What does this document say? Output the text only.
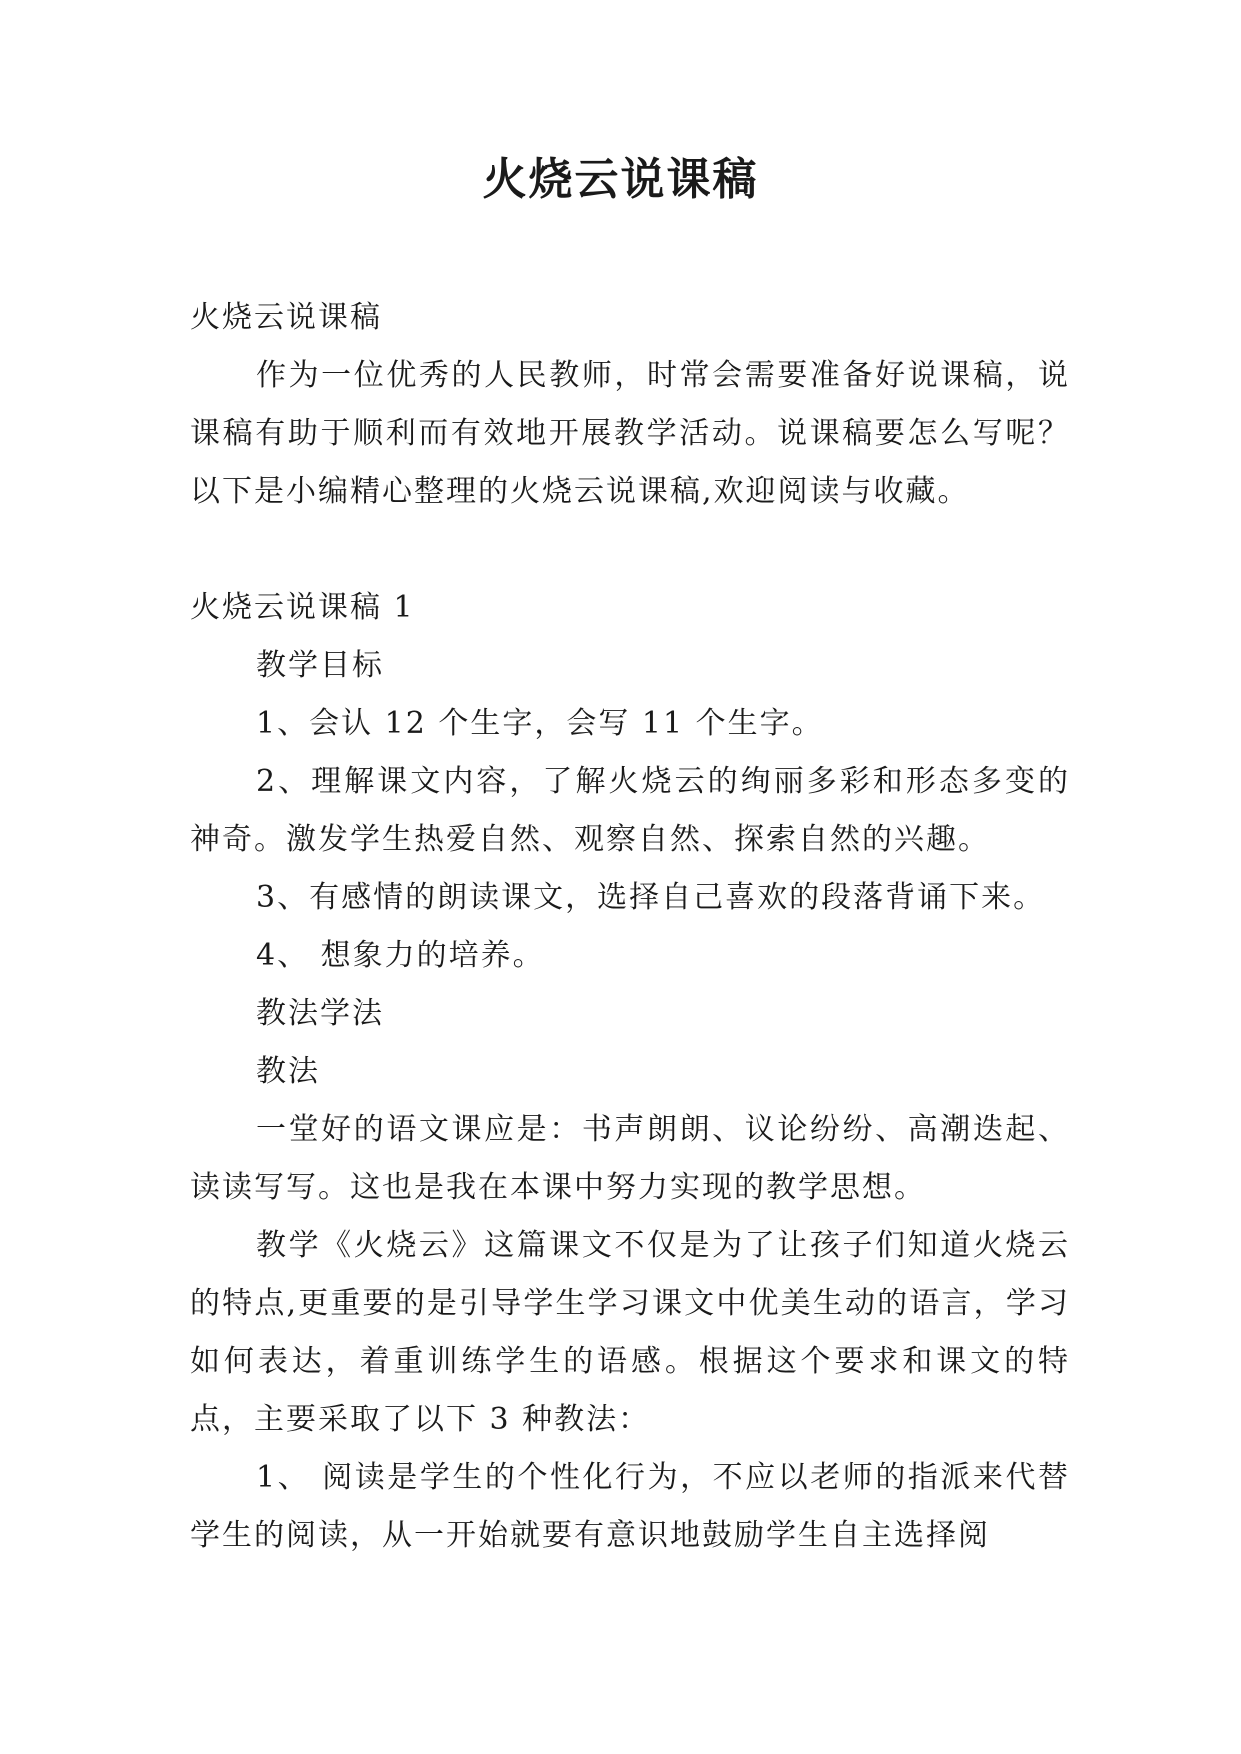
火烧云说课稿

火烧云说课稿

作为一位优秀的人民教师，时常会需要准备好说课稿，说课稿有助于顺利而有效地开展教学活动。说课稿要怎么写呢？以下是小编精心整理的火烧云说课稿,欢迎阅读与收藏。

火烧云说课稿 1

教学目标

1、会认 12 个生字，会写 11 个生字。

2、理解课文内容，了解火烧云的绚丽多彩和形态多变的神奇。激发学生热爱自然、观察自然、探索自然的兴趣。

3、有感情的朗读课文，选择自己喜欢的段落背诵下来。

4、 想象力的培养。

教法学法

教法

一堂好的语文课应是：书声朗朗、议论纷纷、高潮迭起、读读写写。这也是我在本课中努力实现的教学思想。

教学《火烧云》这篇课文不仅是为了让孩子们知道火烧云的特点,更重要的是引导学生学习课文中优美生动的语言，学习如何表达，着重训练学生的语感。根据这个要求和课文的特点，主要采取了以下 3 种教法：

1、 阅读是学生的个性化行为，不应以老师的指派来代替学生的阅读，从一开始就要有意识地鼓励学生自主选择阅
